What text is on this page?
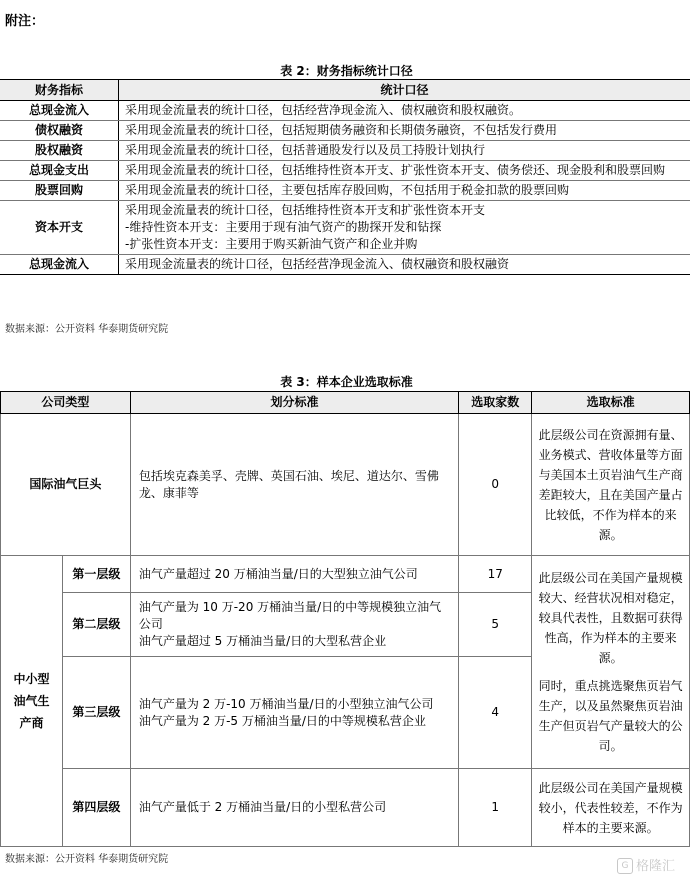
附注：
表 2：财务指标统计口径
财务指标	统计口径
总现金流入	采用现金流量表的统计口径，包括经营净现金流入、债权融资和股权融资。

债权融资	采用现金流量表的统计口径，包括短期债务融资和长期债务融资，不包括发行费用

股权融资	采用现金流量表的统计口径，包括普通股发行以及员工持股计划执行

总现金支出	采用现金流量表的统计口径，包括维持性资本开支、扩张性资本开支、债务偿还、现金股利和股票回购

股票回购	采用现金流量表的统计口径，主要包括库存股回购，不包括用于税金扣款的股票回购

资本开支	采用现金流量表的统计口径，包括维持性资本开支和扩张性资本开支
-维持性资本开支：主要用于现有油气资产的勘探开发和钻探
-扩张性资本开支：主要用于购买新油气资产和企业并购

总现金流入	采用现金流量表的统计口径，包括经营净现金流入、债权融资和股权融资
数据来源：公开资料 华泰期货研究院
表 3：样本企业选取标准
公司类型		划分标准	选取家数	选取标准
国际油气巨头		包括埃克森美孚、壳牌、英国石油、埃尼、道达尔、雪佛龙、康菲等	0	此层级公司在资源拥有量、业务模式、营收体量等方面与美国本土页岩油气生产商差距较大，且在美国产量占比较低，不作为样本的来源。
中小型油气生产商	第一层级	油气产量超过 20 万桶油当量/日的大型独立油气公司	17	此层级公司在美国产量规模较大、经营状况相对稳定，较具代表性，且数据可获得性高，作为样本的主要来源。
同时，重点挑选聚焦页岩气生产，以及虽然聚焦页岩油生产但页岩气产量较大的公司。

	第二层级	油气产量为 10 万-20 万桶油当量/日的中等规模独立油气公司
油气产量超过 5 万桶油当量/日的大型私营企业	5	
	第三层级	油气产量为 2 万-10 万桶油当量/日的小型独立油气公司
油气产量为 2 万-5 万桶油当量/日的中等规模私营企业	4	
	第四层级	油气产量低于 2 万桶油当量/日的小型私营公司	1	此层级公司在美国产量规模较小，代表性较差，不作为样本的主要来源。
数据来源：公开资料 华泰期货研究院
G 格隆汇
